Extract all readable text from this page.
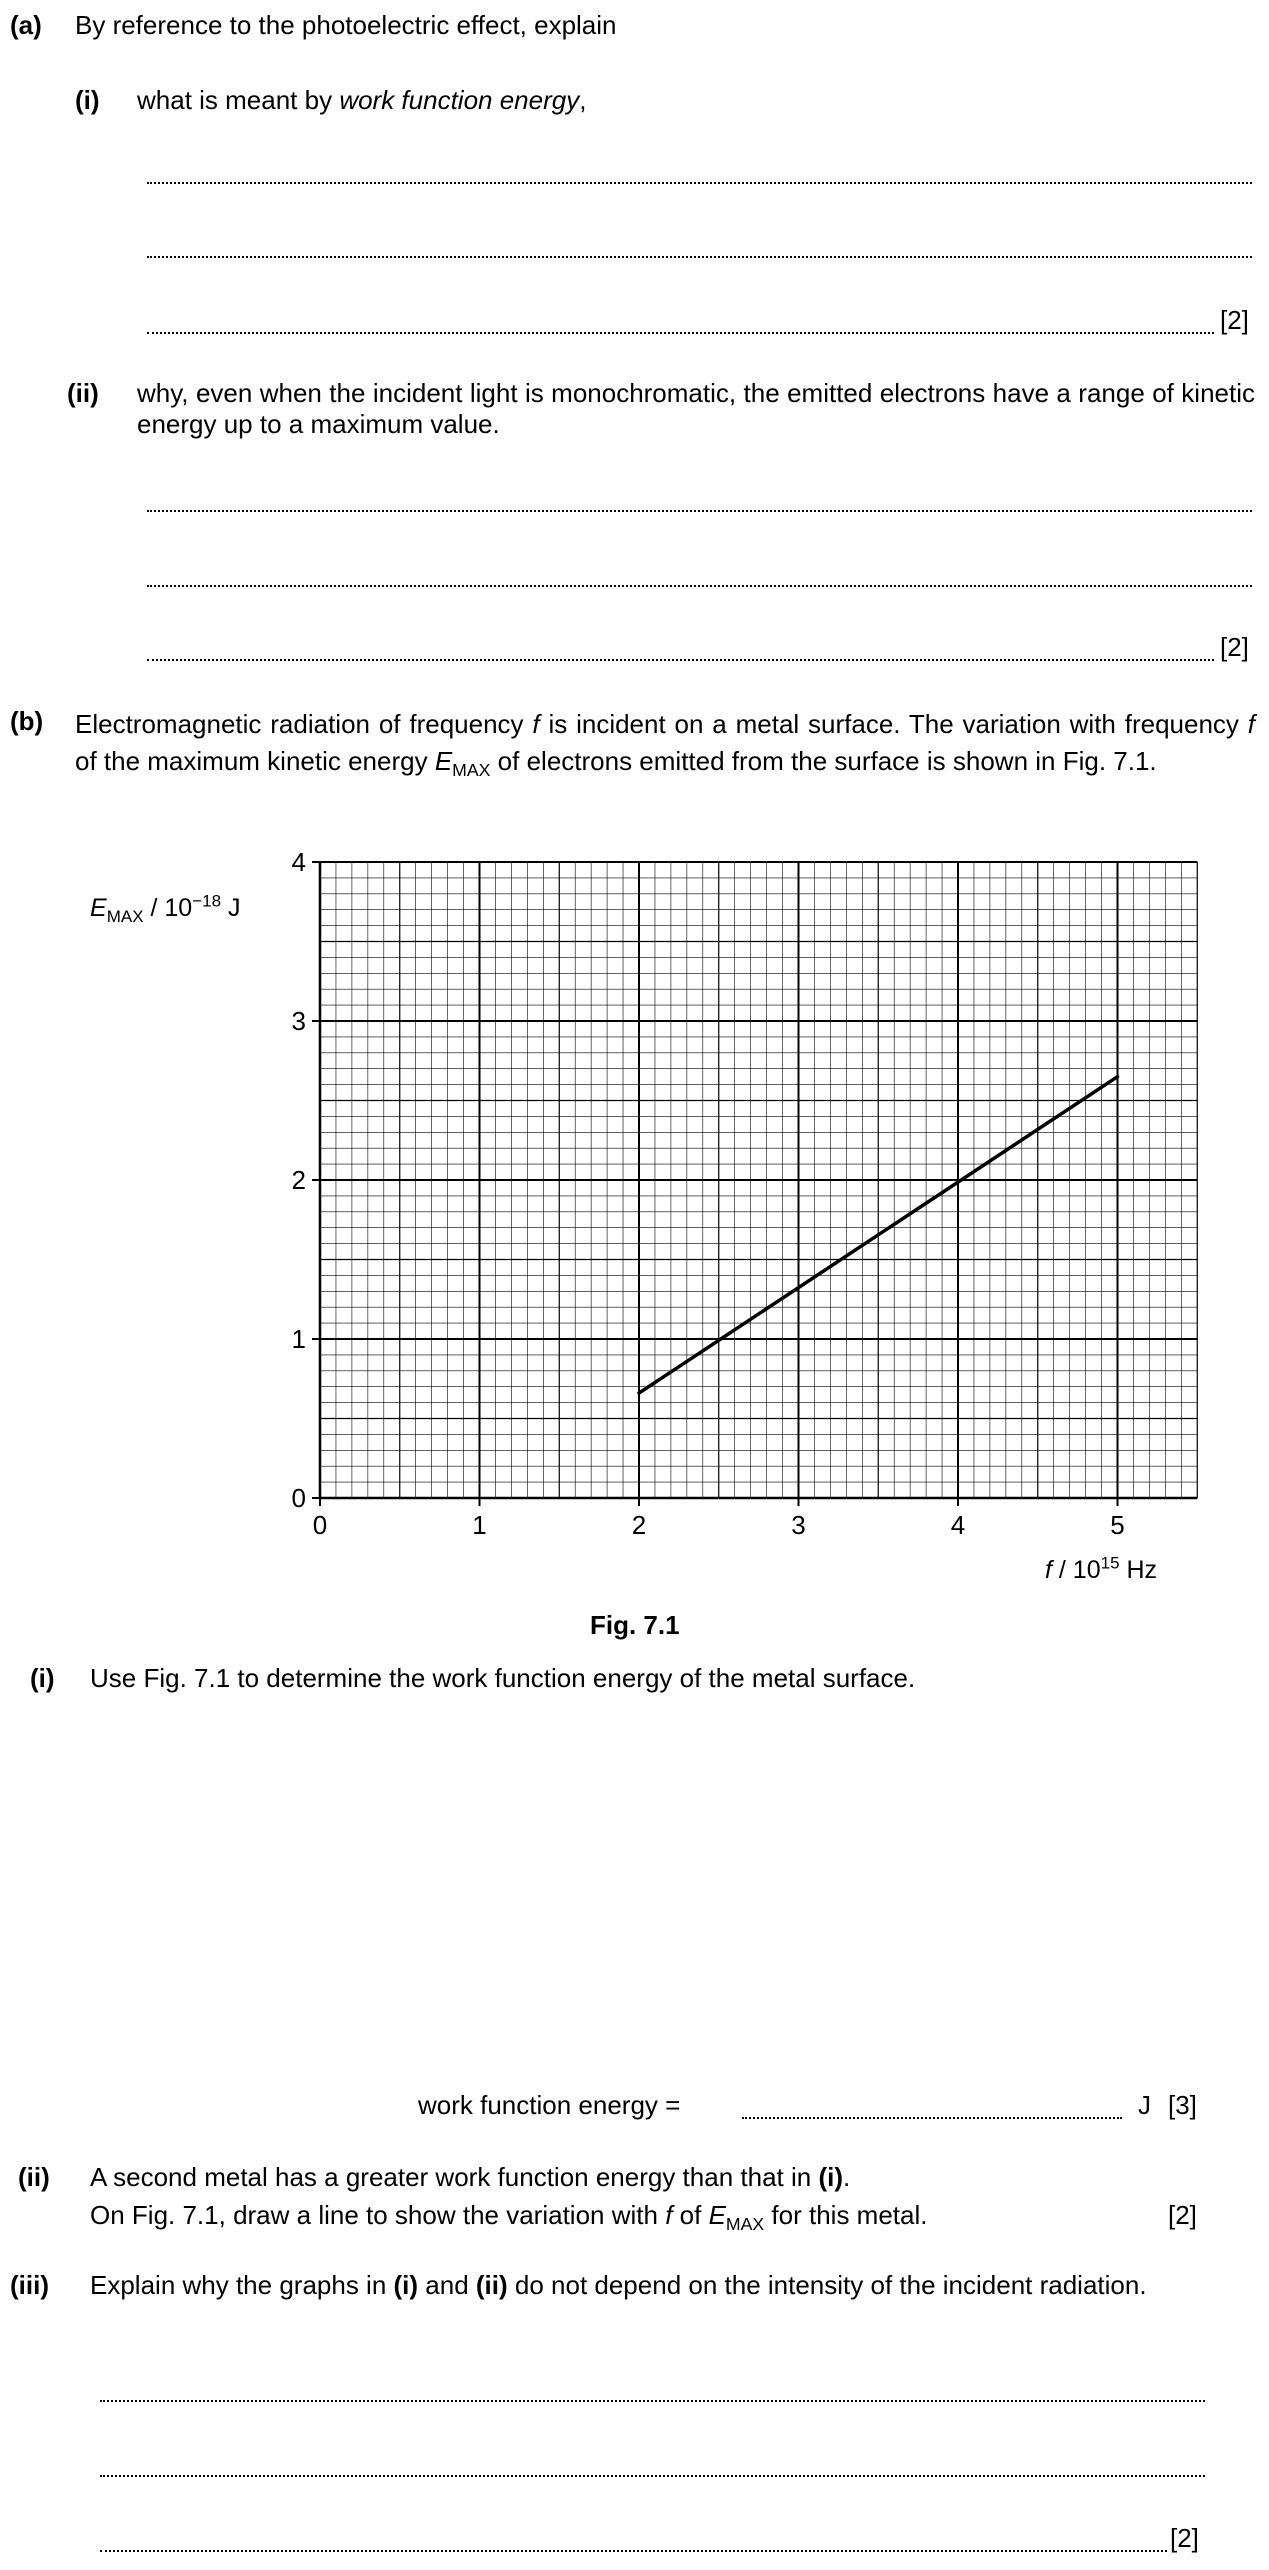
(a) By reference to the photoelectric effect, explain
(i) what is meant by work function energy,
[2]
(ii) why, even when the incident light is monochromatic, the emitted electrons have a range of kinetic energy up to a maximum value.
[2]
(b) Electromagnetic radiation of frequency f is incident on a metal surface. The variation with frequency f of the maximum kinetic energy $E_{MAX}$ of electrons emitted from the surface is shown in Fig. 7.1.
0	1	2	3	4	5
0
1
2
3
4
$E_{MAX} / 10^{-18}$ J
f / $10^{15}$ Hz
Fig. 7.1
(i) Use Fig. 7.1 to determine the work function energy of the metal surface.
work function energy =	J [3]
(ii) A second metal has a greater work function energy than that in (i).
On Fig. 7.1, draw a line to show the variation with f of $E_{MAX}$ for this metal.	[2]
(iii) Explain why the graphs in (i) and (ii) do not depend on the intensity of the incident radiation.
[2]
